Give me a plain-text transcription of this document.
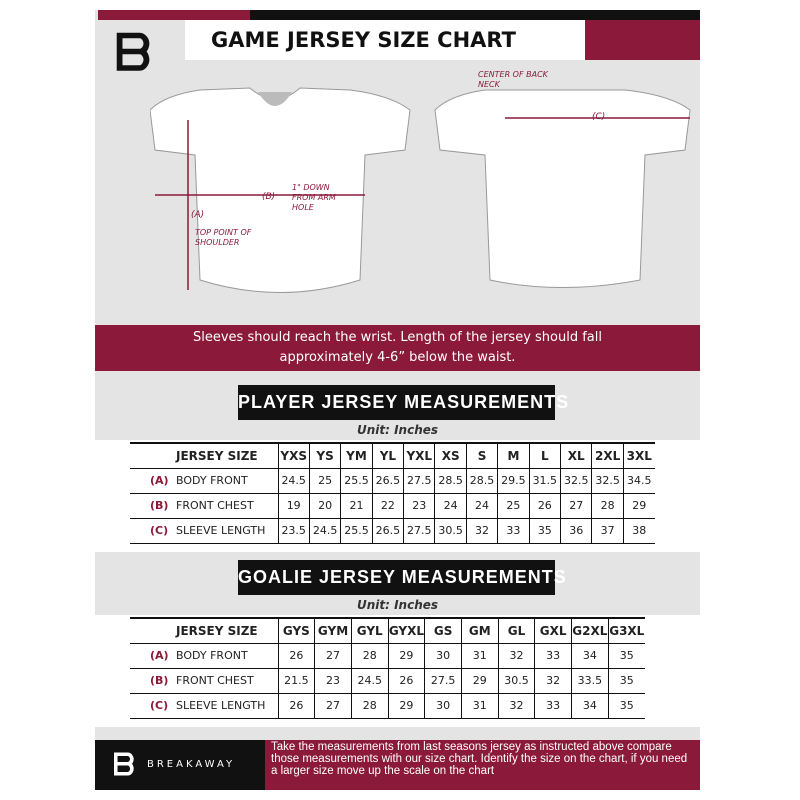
ᗷ	GAME JERSEY SIZE CHART
CENTER OF BACK NECK
(A)
TOP POINT OF SHOULDER
(B)
1" DOWN FROM ARM HOLE
(C)
Sleeves should reach the wrist. Length of the jersey should fall approximately 4-6” below the waist.
PLAYER JERSEY MEASUREMENTS
Unit: Inches
JERSEY SIZE	YXS	YS	YM	YL	YXL	XS	S	M	L	XL	2XL	3XL
(A) BODY FRONT	24.5	25	25.5	26.5	27.5	28.5	28.5	29.5	31.5	32.5	32.5	34.5
(B) FRONT CHEST	19	20	21	22	23	24	24	25	26	27	28	29
(C) SLEEVE LENGTH	23.5	24.5	25.5	26.5	27.5	30.5	32	33	35	36	37	38
GOALIE JERSEY MEASUREMENTS
Unit: Inches
JERSEY SIZE	GYS	GYM	GYL	GYXL	GS	GM	GL	GXL	G2XL	G3XL
(A) BODY FRONT	26	27	28	29	30	31	32	33	34	35
(B) FRONT CHEST	21.5	23	24.5	26	27.5	29	30.5	32	33.5	35
(C) SLEEVE LENGTH	26	27	28	29	30	31	32	33	34	35
ᗷ BREAKAWAY
Take the measurements from last seasons jersey as instructed above compare those measurements with our size chart. Identify the size on the chart, if you need a larger size move up the scale on the chart
